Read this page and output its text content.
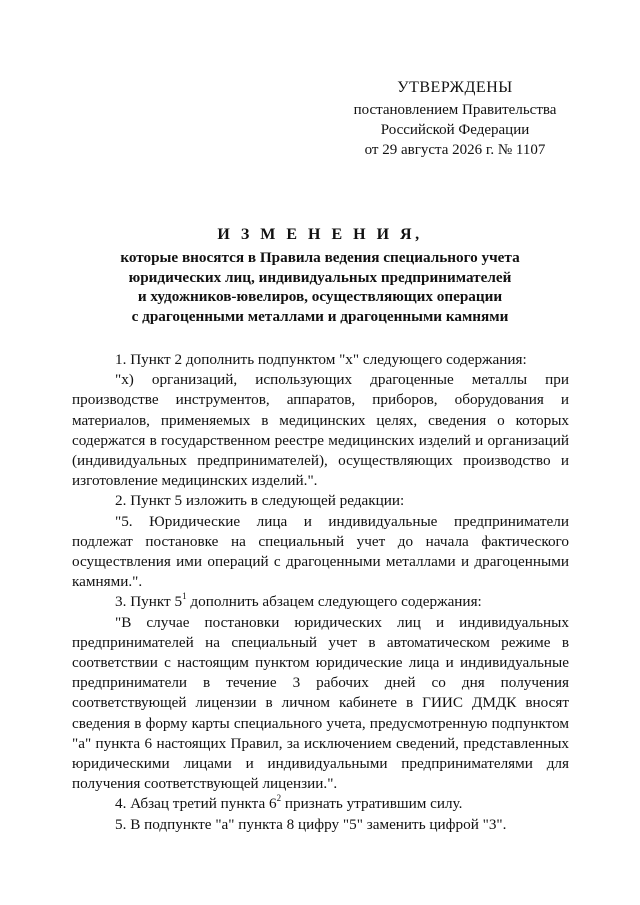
УТВЕРЖДЕНЫ
постановлением Правительства
Российской Федерации
от 29 августа 2026 г. № 1107
И З М Е Н Е Н И Я,
которые вносятся в Правила ведения специального учета
юридических лиц, индивидуальных предпринимателей
и художников-ювелиров, осуществляющих операции
с драгоценными металлами и драгоценными камнями

1. Пункт 2 дополнить подпунктом "х" следующего содержания:

"х) организаций, использующих драгоценные металлы при производстве инструментов, аппаратов, приборов, оборудования и материалов, применяемых в медицинских целях, сведения о которых содержатся в государственном реестре медицинских изделий и организаций (индивидуальных предпринимателей), осуществляющих производство и изготовление медицинских изделий.".

2. Пункт 5 изложить в следующей редакции:

"5. Юридические лица и индивидуальные предприниматели подлежат постановке на специальный учет до начала фактического осуществления ими операций с драгоценными металлами и драгоценными камнями.".

3. Пункт $5^1$ дополнить абзацем следующего содержания:

"В случае постановки юридических лиц и индивидуальных предпринимателей на специальный учет в автоматическом режиме в соответствии с настоящим пунктом юридические лица и индивидуальные предприниматели в течение 3 рабочих дней со дня получения соответствующей лицензии в личном кабинете в ГИИС ДМДК вносят сведения в форму карты специального учета, предусмотренную подпунктом "а" пункта 6 настоящих Правил, за исключением сведений, представленных юридическими лицами и индивидуальными предпринимателями для получения соответствующей лицензии.".

4. Абзац третий пункта $6^2$ признать утратившим силу.

5. В подпункте "а" пункта 8 цифру "5" заменить цифрой "3".
